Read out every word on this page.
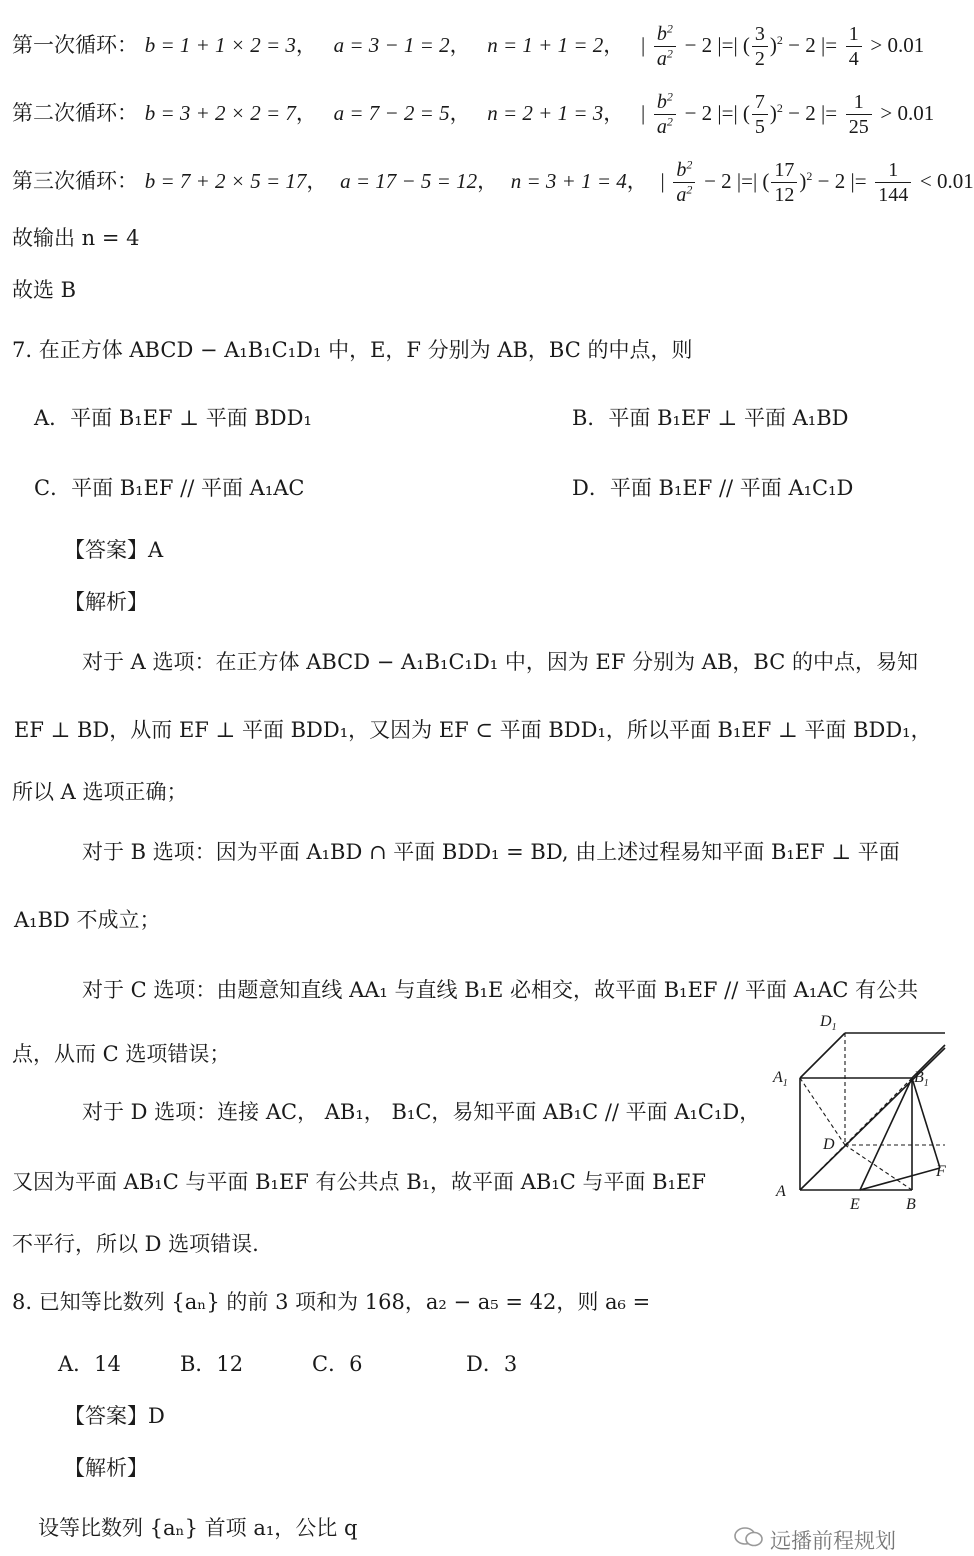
第一次循环： b = 1 + 1 × 2 = 3， a = 3 − 1 = 2， n = 1 + 1 = 2， | $\frac{b^2}{a^2} - 2$ |=| ( $\frac{3}{2} )^2 - 2$ |= $\frac{1}{4} > 0.01$
第二次循环： b = 3 + 2 × 2 = 7， a = 7 − 2 = 5， n = 2 + 1 = 3， | $\frac{b^2}{a^2} - 2$ |=| ( $\frac{7}{5} )^2 - 2$ |= $\frac{1}{25} > 0.01$
第三次循环： b = 7 + 2 × 5 = 17， a = 17 − 5 = 12， n = 3 + 1 = 4， | $\frac{b^2}{a^2} - 2$ |=| ( $\frac{17}{12} )^2 - 2$ |= $\frac{1}{144} < 0.01$
故输出 n = 4
故选 B
7. 在正方体 ABCD − A₁B₁C₁D₁ 中，E，F 分别为 AB，BC 的中点，则
A．平面 B₁EF ⊥ 平面 BDD₁	B．平面 B₁EF ⊥ 平面 A₁BD
C．平面 B₁EF // 平面 A₁AC	D．平面 B₁EF // 平面 A₁C₁D
【答案】A
【解析】
对于 A 选项：在正方体 ABCD − A₁B₁C₁D₁ 中，因为 EF 分别为 AB，BC 的中点，易知
EF ⊥ BD，从而 EF ⊥ 平面 BDD₁，又因为 EF ⊂ 平面 BDD₁，所以平面 B₁EF ⊥ 平面 BDD₁，
所以 A 选项正确；
对于 B 选项：因为平面 A₁BD ∩ 平面 BDD₁ = BD, 由上述过程易知平面 B₁EF ⊥ 平面
A₁BD 不成立；
对于 C 选项：由题意知直线 AA₁ 与直线 B₁E 必相交，故平面 B₁EF // 平面 A₁AC 有公共
点，从而 C 选项错误；
对于 D 选项：连接 AC， AB₁， B₁C，易知平面 AB₁C // 平面 A₁C₁D，
又因为平面 AB₁C 与平面 B₁EF 有公共点 B₁，故平面 AB₁C 与平面 B₁EF
不平行，所以 D 选项错误.
$D_1$
$A_1$	$B_1$
D
A
E	B
F
8. 已知等比数列 {aₙ} 的前 3 项和为 168，a₂ − a₅ = 42，则 a₆ =
A．14	B．12	C．6	D．3
【答案】D
【解析】
设等比数列 {aₙ} 首项 a₁，公比 q
远播前程规划
